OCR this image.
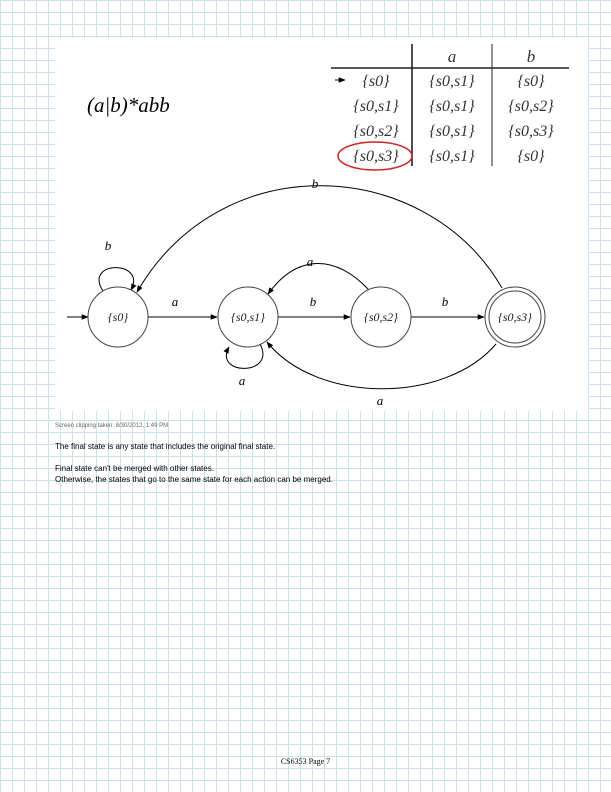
(a|b)*abb
a	b
{s0} {s0,s1}	{s0}
{s0,s1} {s0,s1} {s0,s2}
{s0,s2} {s0,s1} {s0,s3}
{s0,s3} {s0,s1}	{s0}
b
a
a
b
a
b
a
b
{s0}	{s0,s1}	{s0,s2}	{s0,s3}
Screen clipping taken: 8/30/2012, 1:49 PM
The final state is any state that includes the original final state.
Final state can't be merged with other states.
Otherwise, the states that go to the same state for each action can be merged.
CS6353 Page 7
